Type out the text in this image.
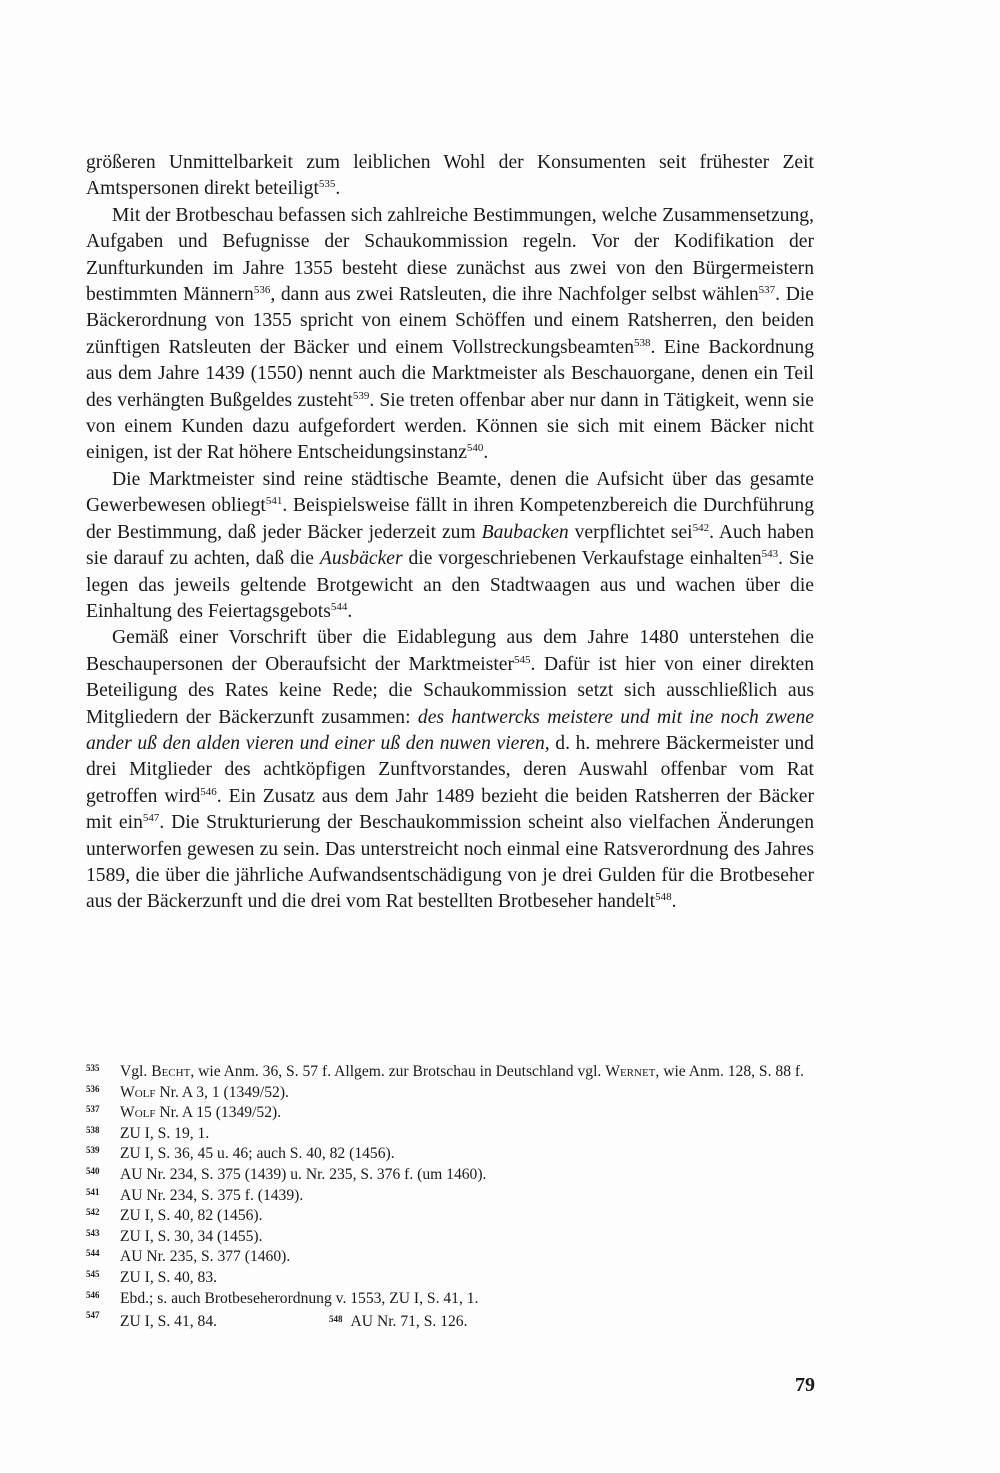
größeren Unmittelbarkeit zum leiblichen Wohl der Konsumenten seit frühester Zeit Amtspersonen direkt beteiligt$^{535}$.

Mit der Brotbeschau befassen sich zahlreiche Bestimmungen, welche Zusammensetzung, Aufgaben und Befugnisse der Schaukommission regeln. Vor der Kodifikation der Zunfturkunden im Jahre 1355 besteht diese zunächst aus zwei von den Bürgermeistern bestimmten Männern$^{536}$, dann aus zwei Ratsleuten, die ihre Nachfolger selbst wählen$^{537}$. Die Bäckerordnung von 1355 spricht von einem Schöffen und einem Ratsherren, den beiden zünftigen Ratsleuten der Bäcker und einem Vollstreckungsbeamten$^{538}$. Eine Backordnung aus dem Jahre 1439 (1550) nennt auch die Marktmeister als Beschauorgane, denen ein Teil des verhängten Bußgeldes zusteht$^{539}$. Sie treten offenbar aber nur dann in Tätigkeit, wenn sie von einem Kunden dazu aufgefordert werden. Können sie sich mit einem Bäcker nicht einigen, ist der Rat höhere Entscheidungsinstanz$^{540}$.

Die Marktmeister sind reine städtische Beamte, denen die Aufsicht über das gesamte Gewerbewesen obliegt$^{541}$. Beispielsweise fällt in ihren Kompetenzbereich die Durchführung der Bestimmung, daß jeder Bäcker jederzeit zum Baubacken verpflichtet sei$^{542}$. Auch haben sie darauf zu achten, daß die Ausbäcker die vorgeschriebenen Verkaufstage einhalten$^{543}$. Sie legen das jeweils geltende Brotgewicht an den Stadtwaagen aus und wachen über die Einhaltung des Feiertagsgebots$^{544}$.

Gemäß einer Vorschrift über die Eidablegung aus dem Jahre 1480 unterstehen die Beschaupersonen der Oberaufsicht der Marktmeister$^{545}$. Dafür ist hier von einer direkten Beteiligung des Rates keine Rede; die Schaukommission setzt sich ausschließlich aus Mitgliedern der Bäckerzunft zusammen: des hantwercks meistere und mit ine noch zwene ander uß den alden vieren und einer uß den nuwen vieren, d. h. mehrere Bäckermeister und drei Mitglieder des achtköpfigen Zunftvorstandes, deren Auswahl offenbar vom Rat getroffen wird$^{546}$. Ein Zusatz aus dem Jahr 1489 bezieht die beiden Ratsherren der Bäcker mit ein$^{547}$. Die Strukturierung der Beschaukommission scheint also vielfachen Änderungen unterworfen gewesen zu sein. Das unterstreicht noch einmal eine Ratsverordnung des Jahres 1589, die über die jährliche Aufwandsentschädigung von je drei Gulden für die Brotbeseher aus der Bäckerzunft und die drei vom Rat bestellten Brotbeseher handelt$^{548}$.

535 Vgl. Becht, wie Anm. 36, S. 57 f. Allgem. zur Brotschau in Deutschland vgl. Wernet, wie Anm. 128, S. 88 f.
536 Wolf Nr. A 3, 1 (1349/52).
537 Wolf Nr. A 15 (1349/52).
538 ZU I, S. 19, 1.
539 ZU I, S. 36, 45 u. 46; auch S. 40, 82 (1456).
540 AU Nr. 234, S. 375 (1439) u. Nr. 235, S. 376 f. (um 1460).
541 AU Nr. 234, S. 375 f. (1439).
542 ZU I, S. 40, 82 (1456).
543 ZU I, S. 30, 34 (1455).
544 AU Nr. 235, S. 377 (1460).
545 ZU I, S. 40, 83.
546 Ebd.; s. auch Brotbeseherordnung v. 1553, ZU I, S. 41, 1.
547 ZU I, S. 41, 84.	$^{548}$ AU Nr. 71, S. 126.
79
